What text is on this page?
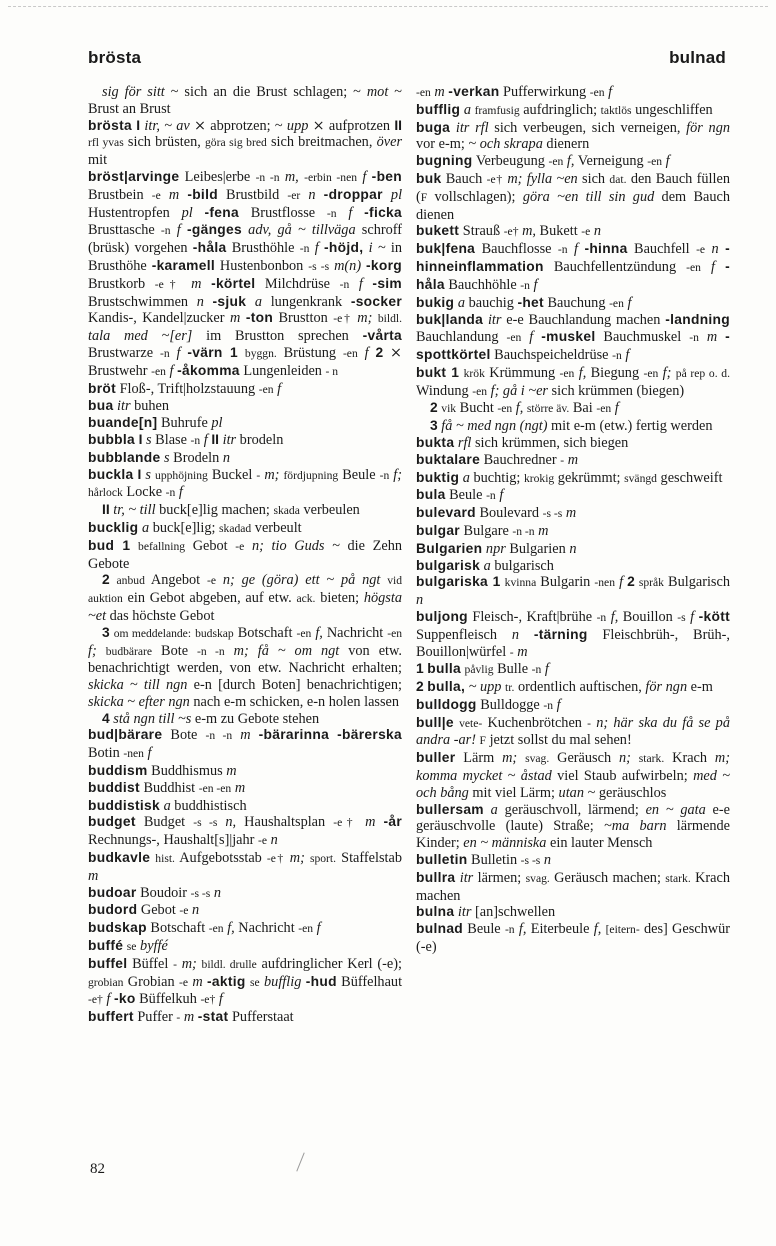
brösta	bulnad

sig för sitt ~ sich an die Brust schlagen; ~ mot ~ Brust an Brust

brösta I itr, ~ av ⨯ abprotzen; ~ upp ⨯ aufprotzen II rfl yvas sich brüsten, göra sig bred sich breitmachen, över mit

bröst|arvinge Leibes|erbe -n -n m, -erbin -nen f -ben Brustbein -e m -bild Brustbild -er n -droppar pl Hustentropfen pl -fena Brustflosse -n f -ficka Brusttasche -n f -gänges adv, gå ~ tillväga schroff (brüsk) vorgehen -håla Brusthöhle -n f -höjd, i ~ in Brusthöhe -karamell Hustenbonbon -s -s m(n) -korg Brustkorb -e† m -körtel Milchdrüse -n f -sim Brustschwimmen n -sjuk a lungenkrank -socker Kandis-, Kandel|zucker m -ton Brustton -e† m; bildl. tala med ~[er] im Brustton sprechen -vårta Brustwarze -n f -värn 1 byggn. Brüstung -en f 2 ⨯ Brustwehr -en f -åkomma Lungenleiden - n

bröt Floß-, Trift|holzstauung -en f

bua itr buhen

buande[n] Buhrufe pl

bubbla I s Blase -n f II itr brodeln

bubblande s Brodeln n

buckla I s upphöjning Buckel - m; fördjupning Beule -n f; hårlock Locke -n f

II tr, ~ till buck[e]lig machen; skada verbeulen

bucklig a buck[e]lig; skadad verbeult

bud 1 befallning Gebot -e n; tio Guds ~ die Zehn Gebote

2 anbud Angebot -e n; ge (göra) ett ~ på ngt vid auktion ein Gebot abgeben, auf etw. ack. bieten; högsta ~et das höchste Gebot

3 om meddelande: budskap Botschaft -en f, Nachricht -en f; budbärare Bote -n -n m; få ~ om ngt von etw. benachrichtigt werden, von etw. Nachricht erhalten; skicka ~ till ngn e-n [durch Boten] benachrichtigen; skicka ~ efter ngn nach e-m schicken, e-n holen lassen

4 stå ngn till ~s e-m zu Gebote stehen

bud|bärare Bote -n -n m -bärarinna -bärerska Botin -nen f

buddism Buddhismus m

buddist Buddhist -en -en m

buddistisk a buddhistisch

budget Budget -s -s n, Haushaltsplan -e† m -år Rechnungs-, Haushalt[s]|jahr -e n

budkavle hist. Aufgebotsstab -e† m; sport. Staffelstab m

budoar Boudoir -s -s n

budord Gebot -e n

budskap Botschaft -en f, Nachricht -en f

buffé se byffé

buffel Büffel - m; bildl. drulle aufdringlicher Kerl (-e); grobian Grobian -e m -aktig se bufflig -hud Büffelhaut -e† f -ko Büffelkuh -e† f

buffert Puffer - m -stat Pufferstaat

-en m -verkan Pufferwirkung -en f

bufflig a framfusig aufdringlich; taktlös ungeschliffen

buga itr rfl sich verbeugen, sich verneigen, för ngn vor e-m; ~ och skrapa dienern

bugning Verbeugung -en f, Verneigung -en f

buk Bauch -e† m; fylla ~en sich dat. den Bauch füllen (F vollschlagen); göra ~en till sin gud dem Bauch dienen

bukett Strauß -e† m, Bukett -e n

buk|fena Bauchflosse -n f -hinna Bauchfell -e n -hinneinflammation Bauchfellentzündung -en f -håla Bauchhöhle -n f

bukig a bauchig -het Bauchung -en f

buk|landa itr e-e Bauchlandung machen -landning Bauchlandung -en f -muskel Bauchmuskel -n m -spottkörtel Bauchspeicheldrüse -n f

bukt 1 krök Krümmung -en f, Biegung -en f; på rep o. d. Windung -en f; gå i ~er sich krümmen (biegen)

2 vik Bucht -en f, större äv. Bai -en f

3 få ~ med ngn (ngt) mit e-m (etw.) fertig werden

bukta rfl sich krümmen, sich biegen

buktalare Bauchredner - m

buktig a buchtig; krokig gekrümmt; svängd geschweift

bula Beule -n f

bulevard Boulevard -s -s m

bulgar Bulgare -n -n m

Bulgarien npr Bulgarien n

bulgarisk a bulgarisch

bulgariska 1 kvinna Bulgarin -nen f 2 språk Bulgarisch n

buljong Fleisch-, Kraft|brühe -n f, Bouillon -s f -kött Suppenfleisch n -tärning Fleischbrüh-, Brüh-, Bouillon|würfel - m

1 bulla påvlig Bulle -n f

2 bulla, ~ upp tr. ordentlich auftischen, för ngn e-m

bulldogg Bulldogge -n f

bull|e vete- Kuchenbrötchen - n; här ska du få se på andra -ar! F jetzt sollst du mal sehen!

buller Lärm m; svag. Geräusch n; stark. Krach m; komma mycket ~ åstad viel Staub aufwirbeln; med ~ och bång mit viel Lärm; utan ~ geräuschlos

bullersam a geräuschvoll, lärmend; en ~ gata e-e geräuschvolle (laute) Straße; ~ma barn lärmende Kinder; en ~ människa ein lauter Mensch

bulletin Bulletin -s -s n

bullra itr lärmen; svag. Geräusch machen; stark. Krach machen

bulna itr [an]schwellen

bulnad Beule -n f, Eiterbeule f, [eitern- des] Geschwür (-e)

82
